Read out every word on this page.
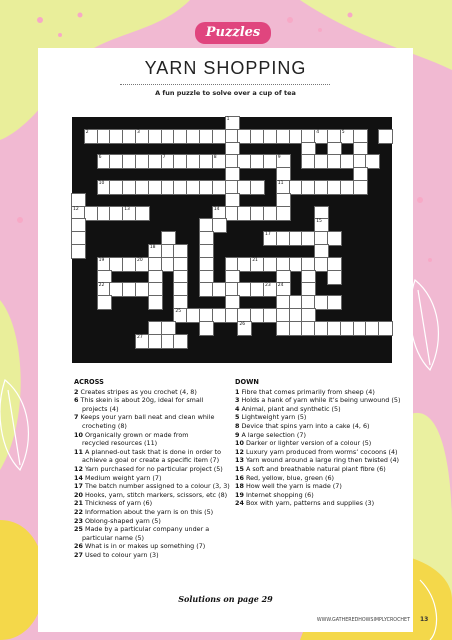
Puzzles
YARN SHOPPING
A fun puzzle to solve over a cup of tea
1
2	3	4	5
6	7	8	9
10	11
12	13	14
15
17
18
19	20	21
22	23 24
25
26
27
ACROSS
2 Creates stripes as you crochet (4, 8)
6 This skein is about 20g, ideal for small
projects (4)
7 Keeps your yarn ball neat and clean while
crocheting (8)
10 Organically grown or made from
recycled resources (11)
11 A planned-out task that is done in order to
achieve a goal or create a specific item (7)
12 Yarn purchased for no particular project (5)
14 Medium weight yarn (7)
17 The batch number assigned to a colour (3, 3)
20 Hooks, yarn, stitch markers, scissors, etc (8)
21 Thickness of yarn (6)
22 Information about the yarn is on this (5)
23 Oblong-shaped yarn (5)
25 Made by a particular company under a
particular name (5)
26 What is in or makes up something (7)
27 Used to colour yarn (3)
DOWN
1 Fibre that comes primarily from sheep (4)
3 Holds a hank of yarn while it’s being unwound (5)
4 Animal, plant and synthetic (5)
5 Lightweight yarn (5)
8 Device that spins yarn into a cake (4, 6)
9 A large selection (7)
10 Darker or lighter version of a colour (5)
12 Luxury yarn produced from worms’ cocoons (4)
13 Yarn wound around a large ring then twisted (4)
15 A soft and breathable natural plant fibre (6)
16 Red, yellow, blue, green (6)
18 How well the yarn is made (7)
19 Internet shopping (6)
24 Box with yarn, patterns and supplies (3)
Solutions on page 29
WWW.GATHEREDHOWSIMPLYCROCHET 13
